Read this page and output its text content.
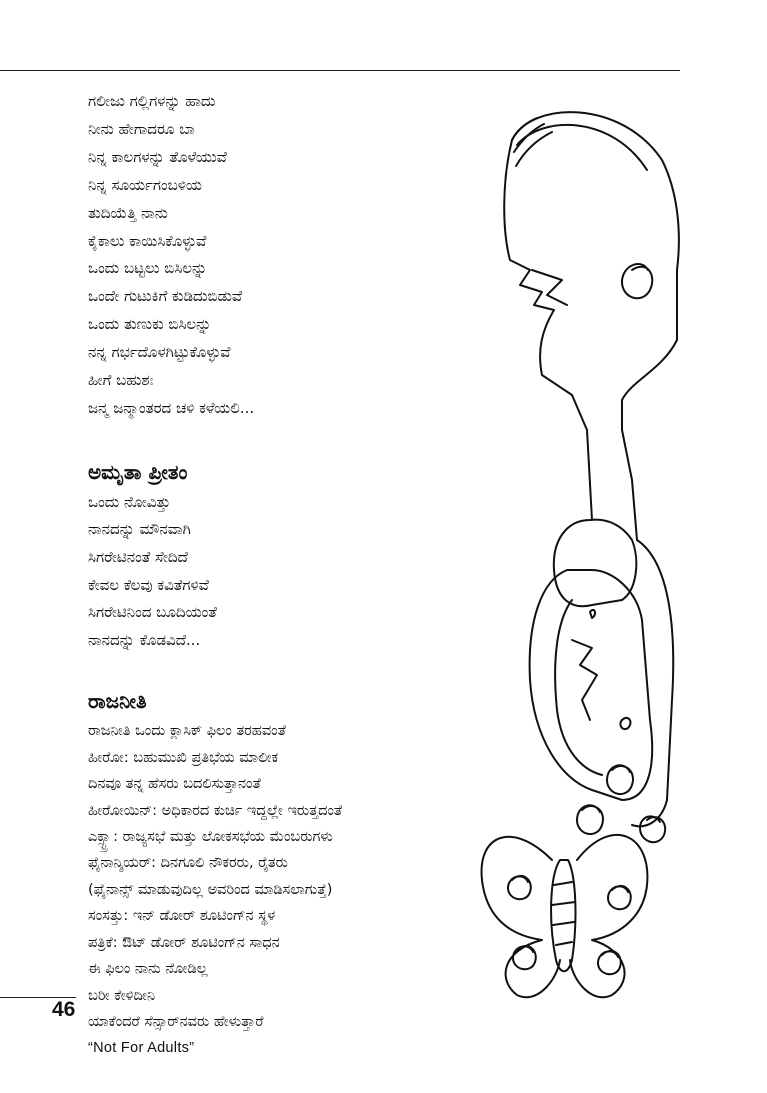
ಗಲೀಜು ಗಲ್ಲಿಗಳನ್ನು ಹಾದು
ನೀನು ಹೇಗಾದರೂ ಬಾ
ನಿನ್ನ ಕಾಲಗಳನ್ನು ತೊಳೆಯುವೆ
ನಿನ್ನ ಸೂರ್ಯಗಂಬಳಿಯ
ತುದಿಯೆತ್ತಿ ನಾನು
ಕೈಕಾಲು ಕಾಯಿಸಿಕೊಳ್ಳುವೆ
ಒಂದು ಬಟ್ಟಲು ಬಿಸಿಲನ್ನು
ಒಂದೇ ಗುಟುಕಿಗೆ ಕುಡಿದುಬಿಡುವೆ
ಒಂದು ತುಣುಕು ಬಿಸಿಲನ್ನು
ನನ್ನ ಗರ್ಭದೊಳಗಿಟ್ಟುಕೊಳ್ಳುವೆ
ಹೀಗೆ ಬಹುಶಃ
ಜನ್ಮ ಜನ್ಮಾಂತರದ ಚಳಿ ಕಳೆಯಲಿ...
ಅಮೃತಾ ಪ್ರೀತಂ
ಒಂದು ನೋವಿತ್ತು
ನಾನದನ್ನು ಮೌನವಾಗಿ
ಸಿಗರೇಟಿನಂತೆ ಸೇದಿದೆ
ಕೇವಲ ಕೆಲವು ಕವಿತೆಗಳಿವೆ
ಸಿಗರೇಟಿನಿಂದ ಬೂದಿಯಂತೆ
ನಾನದನ್ನು ಕೊಡವಿದೆ...
ರಾಜನೀತಿ
ರಾಜನೀತಿ ಒಂದು ಕ್ಲಾಸಿಕ್ ಫಿಲಂ ತರಹವಂತೆ
ಹೀರೋ: ಬಹುಮುಖಿ ಪ್ರತಿಭೆಯ ಮಾಲೀಕ
ದಿನವೂ ತನ್ನ ಹೆಸರು ಬದಲಿಸುತ್ತಾನಂತೆ
ಹೀರೋಯಿನ್: ಅಧಿಕಾರದ ಕುರ್ಚಿ ಇದ್ದಲ್ಲೇ ಇರುತ್ತದಂತೆ
ಎಕ್ಸ್ಟ್ರಾ: ರಾಜ್ಯಸಭೆ ಮತ್ತು ಲೋಕಸಭೆಯ ಮೆಂಬರುಗಳು
ಫೈನಾನ್ಶಿಯರ್: ದಿನಗೂಲಿ ನೌಕರರು, ರೈತರು
(ಫೈನಾನ್ಸ್ ಮಾಡುವುದಿಲ್ಲ ಅವರಿಂದ ಮಾಡಿಸಲಾಗುತ್ತೆ)
ಸಂಸತ್ತು: ಇನ್ ಡೋರ್ ಶೂಟಿಂಗ್‌ನ ಸ್ಥಳ
ಪತ್ರಿಕೆ: ಔಟ್ ಡೋರ್ ಶೂಟಿಂಗ್‌ನ ಸಾಧನ
ಈ ಫಿಲಂ ನಾನು ನೋಡಿಲ್ಲ
ಬರೀ ಕೇಳಿದೀನಿ
ಯಾಕೆಂದರೆ ಸೆನ್ಸಾರ್‌ನವರು ಹೇಳುತ್ತಾರೆ
“Not For Adults”
46
